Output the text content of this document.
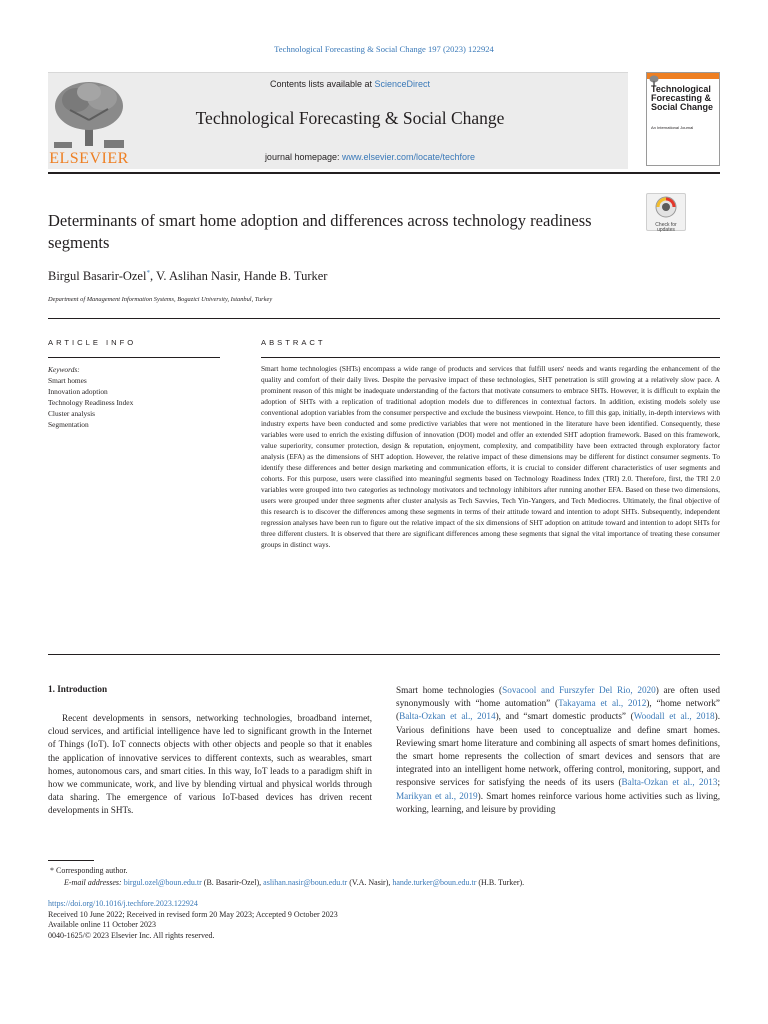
Technological Forecasting & Social Change 197 (2023) 122924
ELSEVIER
Contents lists available at ScienceDirect
Technological Forecasting & Social Change
journal homepage: www.elsevier.com/locate/techfore
Technological Forecasting & Social Change
An International Journal
Determinants of smart home adoption and differences across technology readiness segments
Check for updates
Birgul Basarir-Ozel*, V. Aslihan Nasir, Hande B. Turker
Department of Management Information Systems, Bogazici University, Istanbul, Turkey
ARTICLE INFO	ABSTRACT
Keywords:
Smart homes
Innovation adoption
Technology Readiness Index
Cluster analysis
Segmentation
Smart home technologies (SHTs) encompass a wide range of products and services that fulfill users' needs and wants regarding the enhancement of the quality and comfort of their daily lives. Despite the pervasive impact of these technologies, SHT penetration is still growing at a relatively slow pace. A prominent reason of this might be inadequate understanding of the factors that motivate consumers to embrace SHTs. However, it is difficult to explain the adoption of SHTs with a replication of traditional adoption models due to differences in contextual factors. In addition, existing models solely use conventional adoption variables from the consumer perspective and exclude the business viewpoint. Hence, to fill this gap, initially, in-depth interviews with industry experts have been conducted and some predictive variables that were not mentioned in the literature have been identified. Consequently, these variables were used to enrich the existing diffusion of innovation (DOI) model and offer an extended SHT adoption framework. Based on this framework, value superiority, consumer protection, design & reputation, enjoyment, complexity, and compatibility have been extracted through exploratory factor analysis (EFA) as the dimensions of SHT adoption. However, the relative impact of these dimensions may be different for distinct consumer segments. To identify these differences and better design marketing and communication efforts, it is crucial to consider different characteristics of user segments and cohorts. For this purpose, users were classified into meaningful segments based on Technology Readiness Index (TRI) 2.0. Therefore, first, the TRI 2.0 variables were grouped into two categories as technology motivators and technology inhibitors after running another EFA. Based on these two dimensions, users were grouped under three segments after cluster analysis as Tech Savvies, Tech Yin-Yangers, and Tech Mediocres. Ultimately, the final objective of this research is to discover the differences among these segments in terms of their attitude toward and intention to adopt SHTs. Subsequently, independent regression analyses have been run to figure out the relative impact of the six dimensions of SHT adoption on attitude toward and intention to adopt SHTs for three different clusters. It is observed that there are significant differences among these segments that signal the vital importance of treating these consumer groups in distinct ways.
1. Introduction
Recent developments in sensors, networking technologies, broadband internet, cloud services, and artificial intelligence have led to significant growth in the Internet of Things (IoT). IoT connects objects with other objects and people so that it enables the application of innovative services to different contexts, such as wearables, smart homes, autonomous cars, and smart cities. In this way, IoT leads to a paradigm shift in how we communicate, work, and live by blending virtual and physical worlds through data sharing. The emergence of various IoT-based devices has driven recent developments in SHTs.
Smart home technologies (Sovacool and Furszyfer Del Rio, 2020) are often used synonymously with “home automation” (Takayama et al., 2012), “home network” (Balta-Ozkan et al., 2014), and “smart domestic products” (Woodall et al., 2018). Various definitions have been used to conceptualize and define smart homes. Reviewing smart home literature and combining all aspects of smart homes definitions, the smart home represents the collection of smart devices and sensors that are integrated into an intelligent home network, offering control, monitoring, support, and responsive services for satisfying the needs of its users (Balta-Ozkan et al., 2013; Marikyan et al., 2019). Smart homes reinforce various home activities such as living, working, learning, and leisure by providing
* Corresponding author.
E-mail addresses: birgul.ozel@boun.edu.tr (B. Basarir-Ozel), aslihan.nasir@boun.edu.tr (V.A. Nasir), hande.turker@boun.edu.tr (H.B. Turker).
https://doi.org/10.1016/j.techfore.2023.122924
Received 10 June 2022; Received in revised form 20 May 2023; Accepted 9 October 2023
Available online 11 October 2023
0040-1625/© 2023 Elsevier Inc. All rights reserved.
